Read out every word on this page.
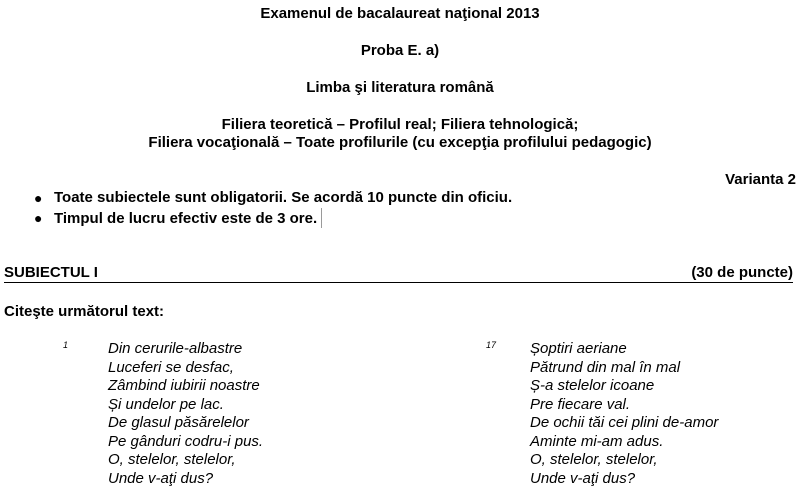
Examenul de bacalaureat naţional 2013
Proba E. a)
Limba şi literatura română
Filiera teoretică – Profilul real; Filiera tehnologică;
Filiera vocaţională – Toate profilurile (cu excepţia profilului pedagogic)
Varianta 2
● Toate subiectele sunt obligatorii. Se acordă 10 puncte din oficiu.
● Timpul de lucru efectiv este de 3 ore.
SUBIECTUL I	(30 de puncte)
Citeşte următorul text:
1	Din cerurile-albastre
Luceferi se desfac,
Zâmbind iubirii noastre
Și undelor pe lac.
De glasul păsărelelor
Pe gânduri codru-i pus.
O, stelelor, stelelor,
Unde v-aţi dus?
17 Șoptiri aeriane
Pătrund din mal în mal
Ș-a stelelor icoane
Pre fiecare val.
De ochii tăi cei plini de-amor
Aminte mi-am adus.
O, stelelor, stelelor,
Unde v-aţi dus?
